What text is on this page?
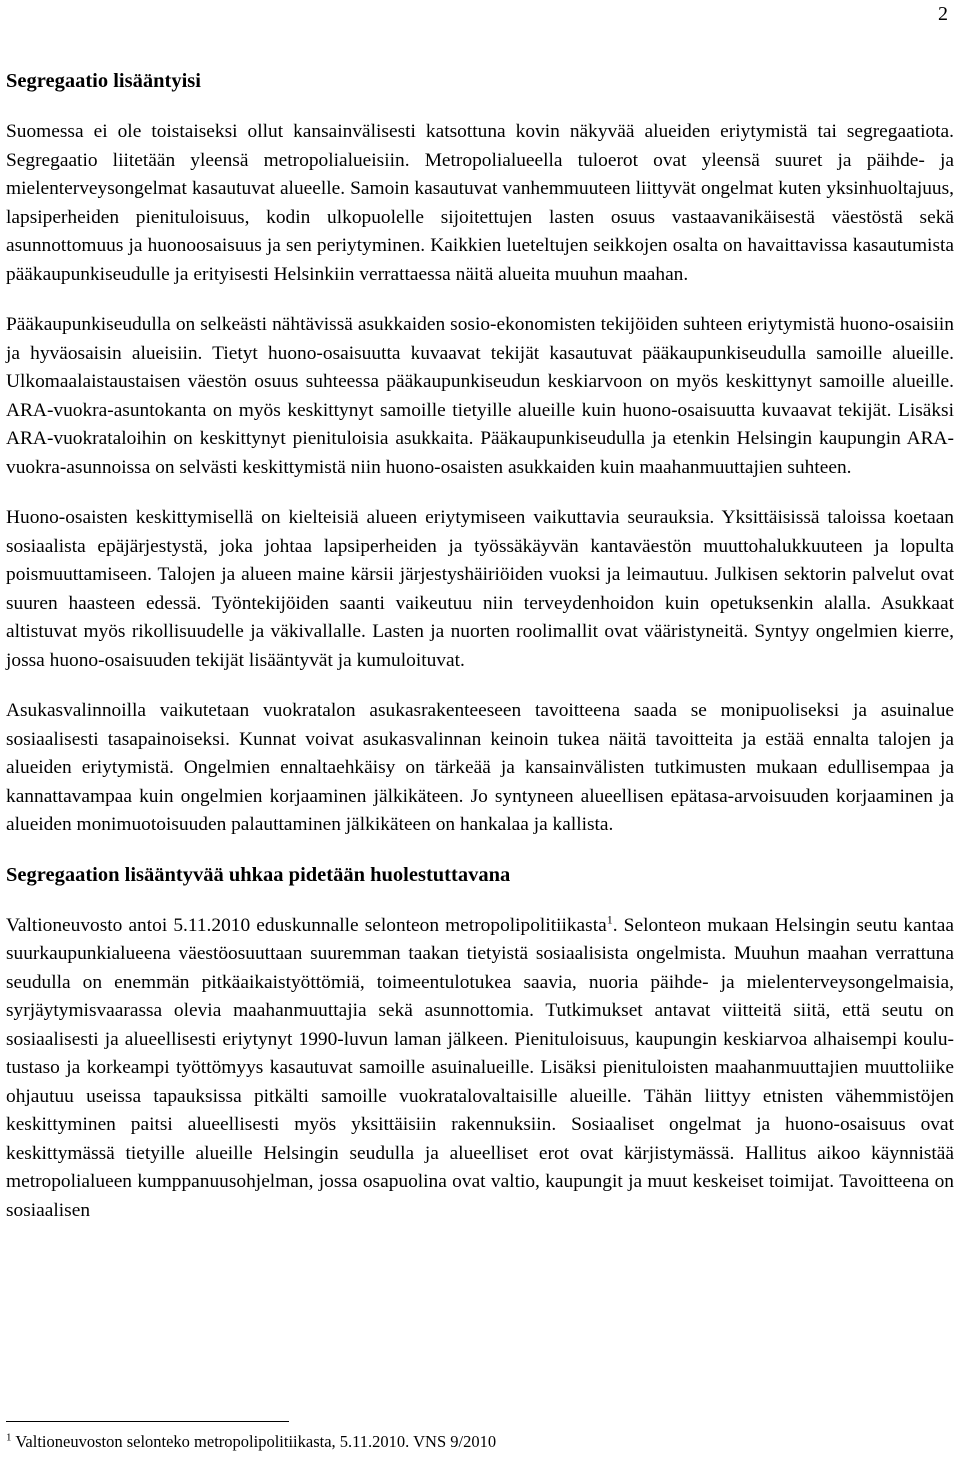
2
Segregaatio lisääntyisi

Suomessa ei ole toistaiseksi ollut kansainvälisesti katsottuna kovin näkyvää alueiden eriytymistä tai segregaatiota. Segregaatio liitetään yleensä metropolialueisiin. Metropolialueella tuloerot ovat yleensä suuret ja päihde- ja mielenterveysongelmat kasautuvat alueelle. Samoin kasautuvat vanhemmuuteen liittyvät ongelmat kuten yksinhuoltajuus, lapsiperheiden pienituloisuus, kodin ulkopuolelle sijoitettujen lasten osuus vastaavanikäisestä väestöstä sekä asunnottomuus ja huonoosaisuus ja sen periytyminen. Kaikkien lueteltujen seikkojen osalta on havaittavissa kasautumista pääkaupunkiseudulle ja erityisesti Helsinkiin verrattaessa näitä alueita muuhun maahan.

Pääkaupunkiseudulla on selkeästi nähtävissä asukkaiden sosio-ekonomisten tekijöiden suhteen eriytymistä huono-osaisiin ja hyväosaisin alueisiin. Tietyt huono-osaisuutta kuvaavat tekijät kasautuvat pääkaupunkiseudulla samoille alueille. Ulkomaalaistaustaisen väestön osuus suhteessa pääkaupunkiseudun keskiarvoon on myös keskittynyt samoille alueille. ARA-vuokra-asuntokanta on myös keskittynyt samoille tietyille alueille kuin huono-osaisuutta kuvaavat tekijät. Lisäksi ARA-vuokrataloihin on keskittynyt pienituloisia asukkaita. Pääkaupunkiseudulla ja etenkin Helsingin kaupungin ARA-vuokra-asunnoissa on selvästi keskittymistä niin huono-osaisten asukkaiden kuin maahanmuuttajien suhteen.

Huono-osaisten keskittymisellä on kielteisiä alueen eriytymiseen vaikuttavia seurauksia. Yksittäisissä taloissa koetaan sosiaalista epäjärjestystä, joka johtaa lapsiperheiden ja työssäkäyvän kantaväestön muuttohalukkuuteen ja lopulta poismuuttamiseen. Talojen ja alueen maine kärsii järjestyshäiriöiden vuoksi ja leimautuu. Julkisen sektorin palvelut ovat suuren haasteen edessä. Työntekijöiden saanti vaikeutuu niin terveydenhoidon kuin opetuksenkin alalla. Asukkaat altistuvat myös rikollisuudelle ja väkivallalle. Lasten ja nuorten roolimallit ovat vääristyneitä. Syntyy ongelmien kierre, jossa huono-osaisuuden tekijät lisääntyvät ja kumuloituvat.

Asukasvalinnoilla vaikutetaan vuokratalon asukasrakenteeseen tavoitteena saada se monipuoliseksi ja asuinalue sosiaalisesti tasapainoiseksi. Kunnat voivat asukasvalinnan keinoin tukea näitä tavoitteita ja estää ennalta talojen ja alueiden eriytymistä. Ongelmien ennaltaehkäisy on tärkeää ja kansainvälisten tutkimusten mukaan edullisempaa ja kannattavampaa kuin ongelmien korjaaminen jälkikäteen. Jo syntyneen alueellisen epätasa-arvoisuuden korjaaminen ja alueiden monimuotoisuuden palauttaminen jälkikäteen on hankalaa ja kallista.

Segregaation lisääntyvää uhkaa pidetään huolestuttavana

Valtioneuvosto antoi 5.11.2010 eduskunnalle selonteon metropolipolitiikasta$^1$. Selonteon mukaan Helsingin seutu kantaa suurkaupunkialueena väestöosuuttaan suuremman taakan tietyistä sosiaalisista ongelmista. Muuhun maahan verrattuna seudulla on enemmän pitkäaikaistyöttömiä, toimeentulotukea saavia, nuoria päihde- ja mielenterveysongelmaisia, syrjäytymisvaarassa olevia maahanmuuttajia sekä asunnottomia. Tutkimukset antavat viitteitä siitä, että seutu on sosiaalisesti ja alueellisesti eriytynyt 1990-luvun laman jälkeen. Pienituloisuus, kaupungin keskiarvoa alhaisempi koulutustaso ja korkeampi työttömyys kasautuvat samoille asuinalueille. Lisäksi pienituloisten maahanmuuttajien muuttoliike ohjautuu useissa tapauksissa pitkälti samoille vuokratalovaltaisille alueille. Tähän liittyy etnisten vähemmistöjen keskittyminen paitsi alueellisesti myös yksittäisiin rakennuksiin. Sosiaaliset ongelmat ja huono-osaisuus ovat keskittymässä tietyille alueille Helsingin seudulla ja alueelliset erot ovat kärjistymässä. Hallitus aikoo käynnistää metropolialueen kumppanuusohjelman, jossa osapuolina ovat valtio, kaupungit ja muut keskeiset toimijat. Tavoitteena on sosiaalisen

$^1$ Valtioneuvoston selonteko metropolipolitiikasta, 5.11.2010. VNS 9/2010
